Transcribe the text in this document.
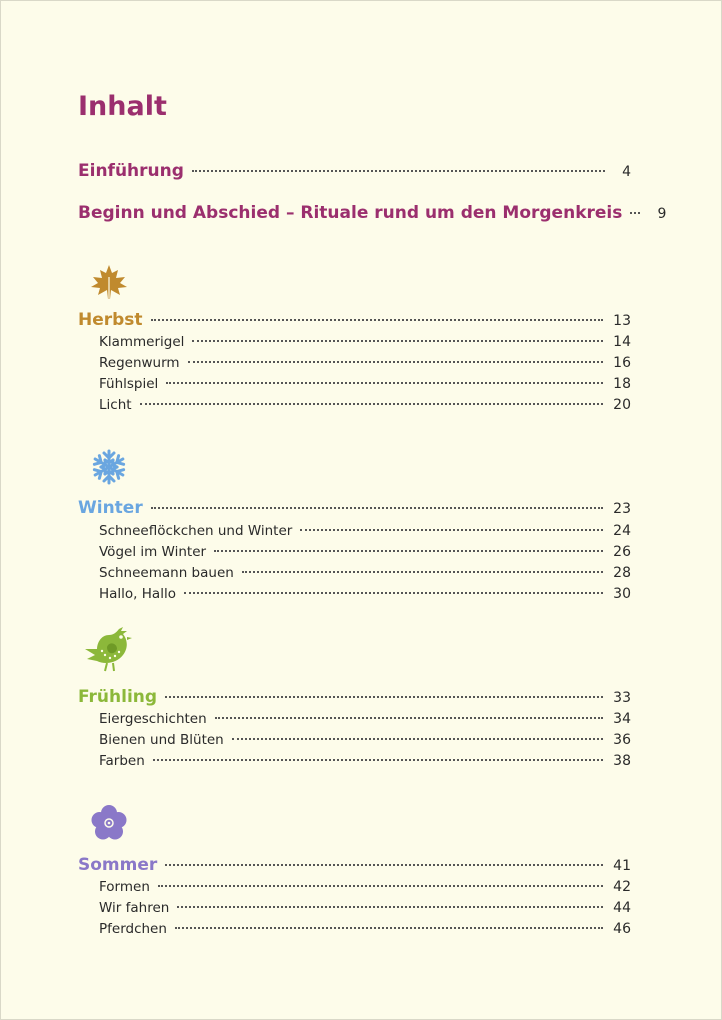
Inhalt
Einführung	4
Beginn und Abschied – Rituale rund um den Morgenkreis	9
Herbst	13
Klammerigel	14
Regenwurm	16
Fühlspiel	18
Licht	20
Winter	23
Schneeflöckchen und Winter	24
Vögel im Winter	26
Schneemann bauen	28
Hallo, Hallo	30
Frühling	33
Eiergeschichten	34
Bienen und Blüten	36
Farben	38
Sommer	41
Formen	42
Wir fahren	44
Pferdchen	46
